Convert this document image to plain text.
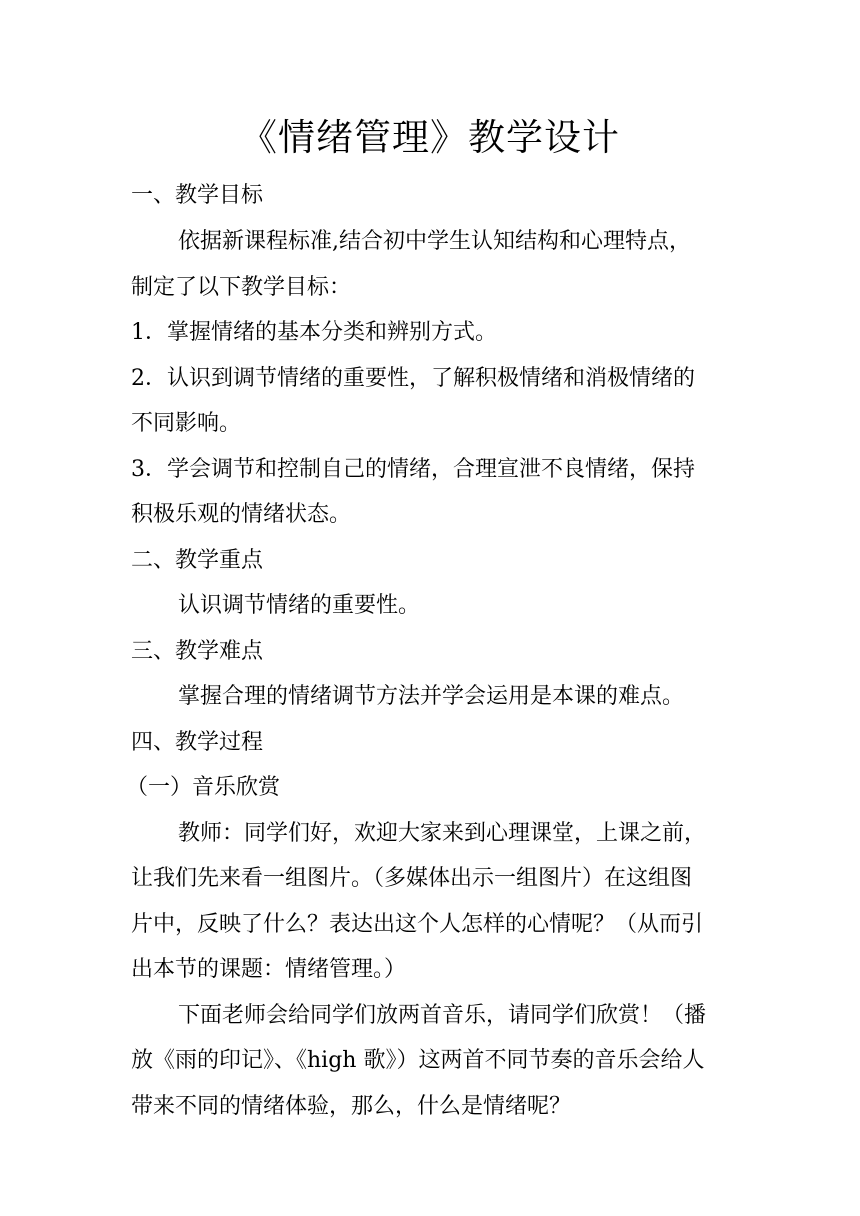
《情绪管理》教学设计
一、教学目标
依据新课程标准,结合初中学生认知结构和心理特点，
制定了以下教学目标：
1．掌握情绪的基本分类和辨别方式。
2．认识到调节情绪的重要性，了解积极情绪和消极情绪的
不同影响。
3．学会调节和控制自己的情绪，合理宣泄不良情绪，保持
积极乐观的情绪状态。
二、教学重点
认识调节情绪的重要性。
三、教学难点
掌握合理的情绪调节方法并学会运用是本课的难点。
四、教学过程
（一）音乐欣赏
教师：同学们好，欢迎大家来到心理课堂，上课之前，
让我们先来看一组图片。（多媒体出示一组图片）在这组图
片中，反映了什么？表达出这个人怎样的心情呢？（从而引
出本节的课题：情绪管理。）
下面老师会给同学们放两首音乐，请同学们欣赏！（播
放《雨的印记》、《high 歌》）这两首不同节奏的音乐会给人
带来不同的情绪体验，那么，什么是情绪呢？
